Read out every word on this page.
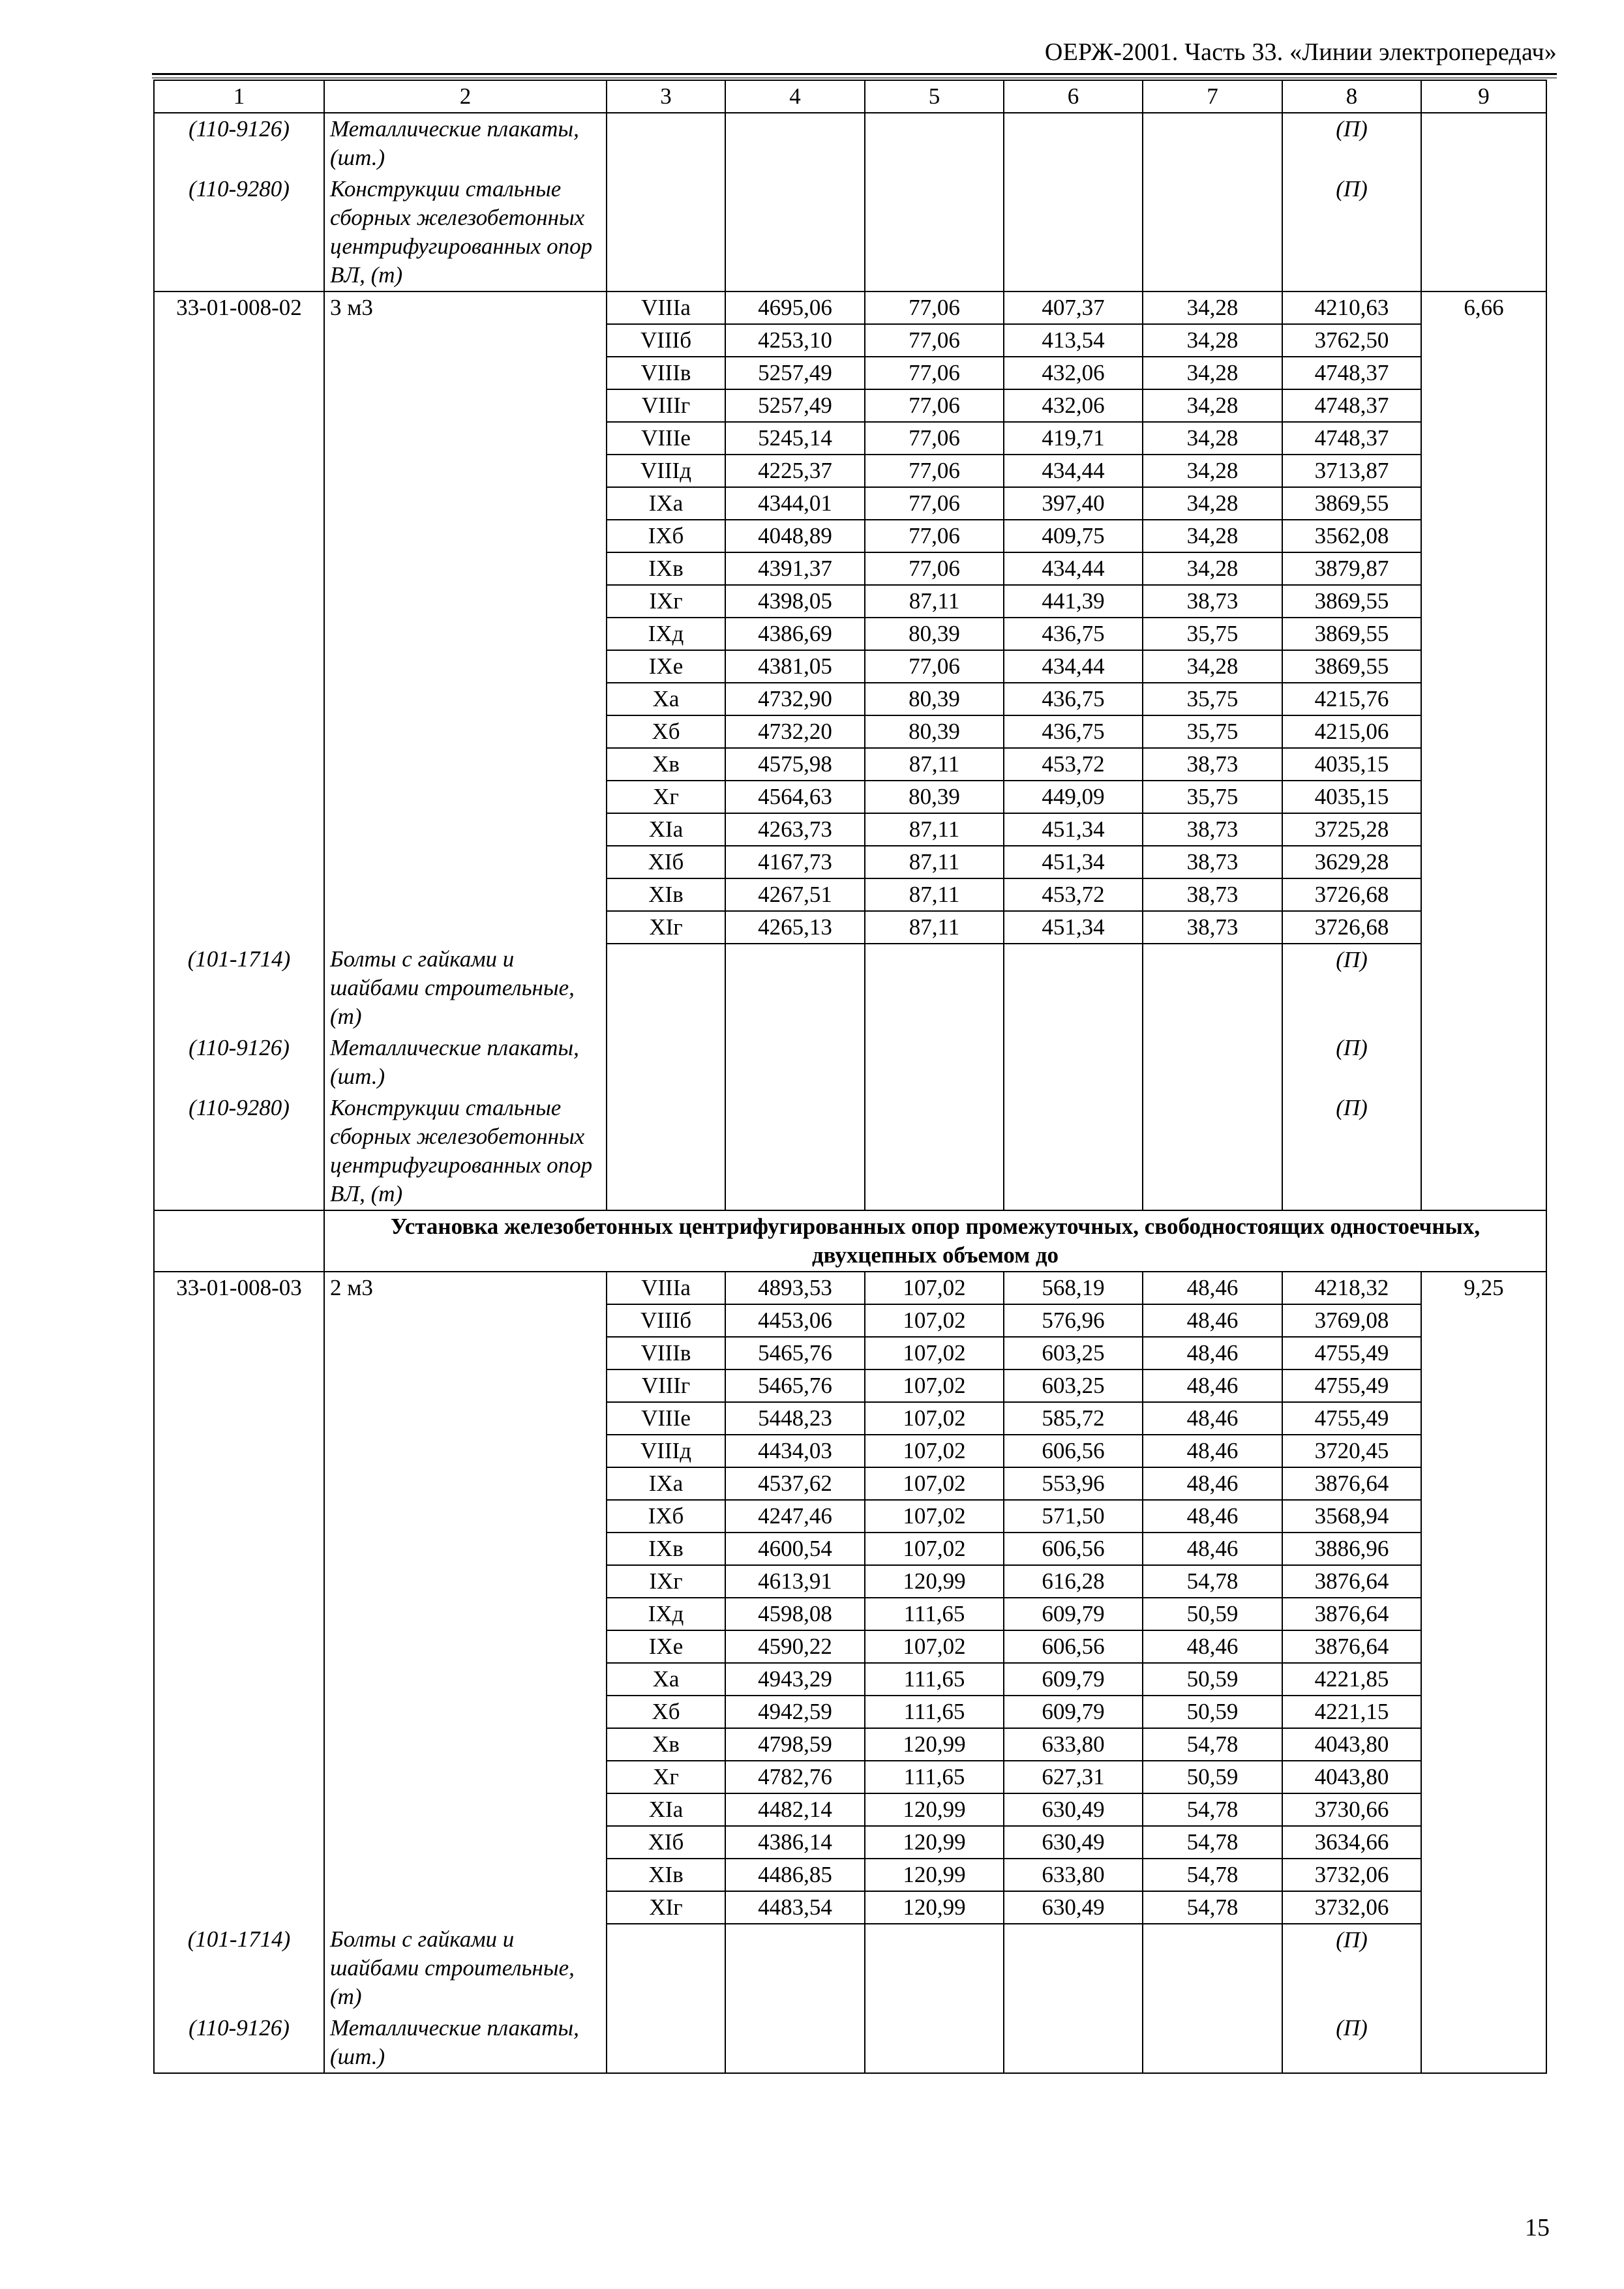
ОЕРЖ-2001. Часть 33. «Линии электропередач»
1	2	3	4	5	6	7	8	9
(110-9126)	Металлические плакаты, (шт.)						(П)	
(110-9280)	Конструкции стальные сборных железобетонных центрифугированных опор ВЛ, (т)						(П)	
33-01-008-02	3 м3	VIIIа	4695,06	77,06	407,37	34,28	4210,63	6,66
		VIIIб	4253,10	77,06	413,54	34,28	3762,50	
		VIIIв	5257,49	77,06	432,06	34,28	4748,37	
		VIIIг	5257,49	77,06	432,06	34,28	4748,37	
		VIIIе	5245,14	77,06	419,71	34,28	4748,37	
		VIIIд	4225,37	77,06	434,44	34,28	3713,87	
		IXа	4344,01	77,06	397,40	34,28	3869,55	
		IXб	4048,89	77,06	409,75	34,28	3562,08	
		IXв	4391,37	77,06	434,44	34,28	3879,87	
		IXг	4398,05	87,11	441,39	38,73	3869,55	
		IXд	4386,69	80,39	436,75	35,75	3869,55	
		IXе	4381,05	77,06	434,44	34,28	3869,55	
		Xа	4732,90	80,39	436,75	35,75	4215,76	
		Xб	4732,20	80,39	436,75	35,75	4215,06	
		Xв	4575,98	87,11	453,72	38,73	4035,15	
		Xг	4564,63	80,39	449,09	35,75	4035,15	
		XIа	4263,73	87,11	451,34	38,73	3725,28	
		XIб	4167,73	87,11	451,34	38,73	3629,28	
		XIв	4267,51	87,11	453,72	38,73	3726,68	
		XIг	4265,13	87,11	451,34	38,73	3726,68	
(101-1714)	Болты с гайками и шайбами строительные, (т)						(П)	
(110-9126)	Металлические плакаты, (шт.)						(П)	
(110-9280)	Конструкции стальные сборных железобетонных центрифугированных опор ВЛ, (т)						(П)	
	Установка железобетонных центрифугированных опор промежуточных, свободностоящих одностоечных, двухцепных объемом до							
33-01-008-03	2 м3	VIIIа	4893,53	107,02	568,19	48,46	4218,32	9,25
		VIIIб	4453,06	107,02	576,96	48,46	3769,08	
		VIIIв	5465,76	107,02	603,25	48,46	4755,49	
		VIIIг	5465,76	107,02	603,25	48,46	4755,49	
		VIIIе	5448,23	107,02	585,72	48,46	4755,49	
		VIIIд	4434,03	107,02	606,56	48,46	3720,45	
		IXа	4537,62	107,02	553,96	48,46	3876,64	
		IXб	4247,46	107,02	571,50	48,46	3568,94	
		IXв	4600,54	107,02	606,56	48,46	3886,96	
		IXг	4613,91	120,99	616,28	54,78	3876,64	
		IXд	4598,08	111,65	609,79	50,59	3876,64	
		IXе	4590,22	107,02	606,56	48,46	3876,64	
		Xа	4943,29	111,65	609,79	50,59	4221,85	
		Xб	4942,59	111,65	609,79	50,59	4221,15	
		Xв	4798,59	120,99	633,80	54,78	4043,80	
		Xг	4782,76	111,65	627,31	50,59	4043,80	
		XIа	4482,14	120,99	630,49	54,78	3730,66	
		XIб	4386,14	120,99	630,49	54,78	3634,66	
		XIв	4486,85	120,99	633,80	54,78	3732,06	
		XIг	4483,54	120,99	630,49	54,78	3732,06	
(101-1714)	Болты с гайками и шайбами строительные, (т)						(П)	
(110-9126)	Металлические плакаты, (шт.)						(П)	
15
